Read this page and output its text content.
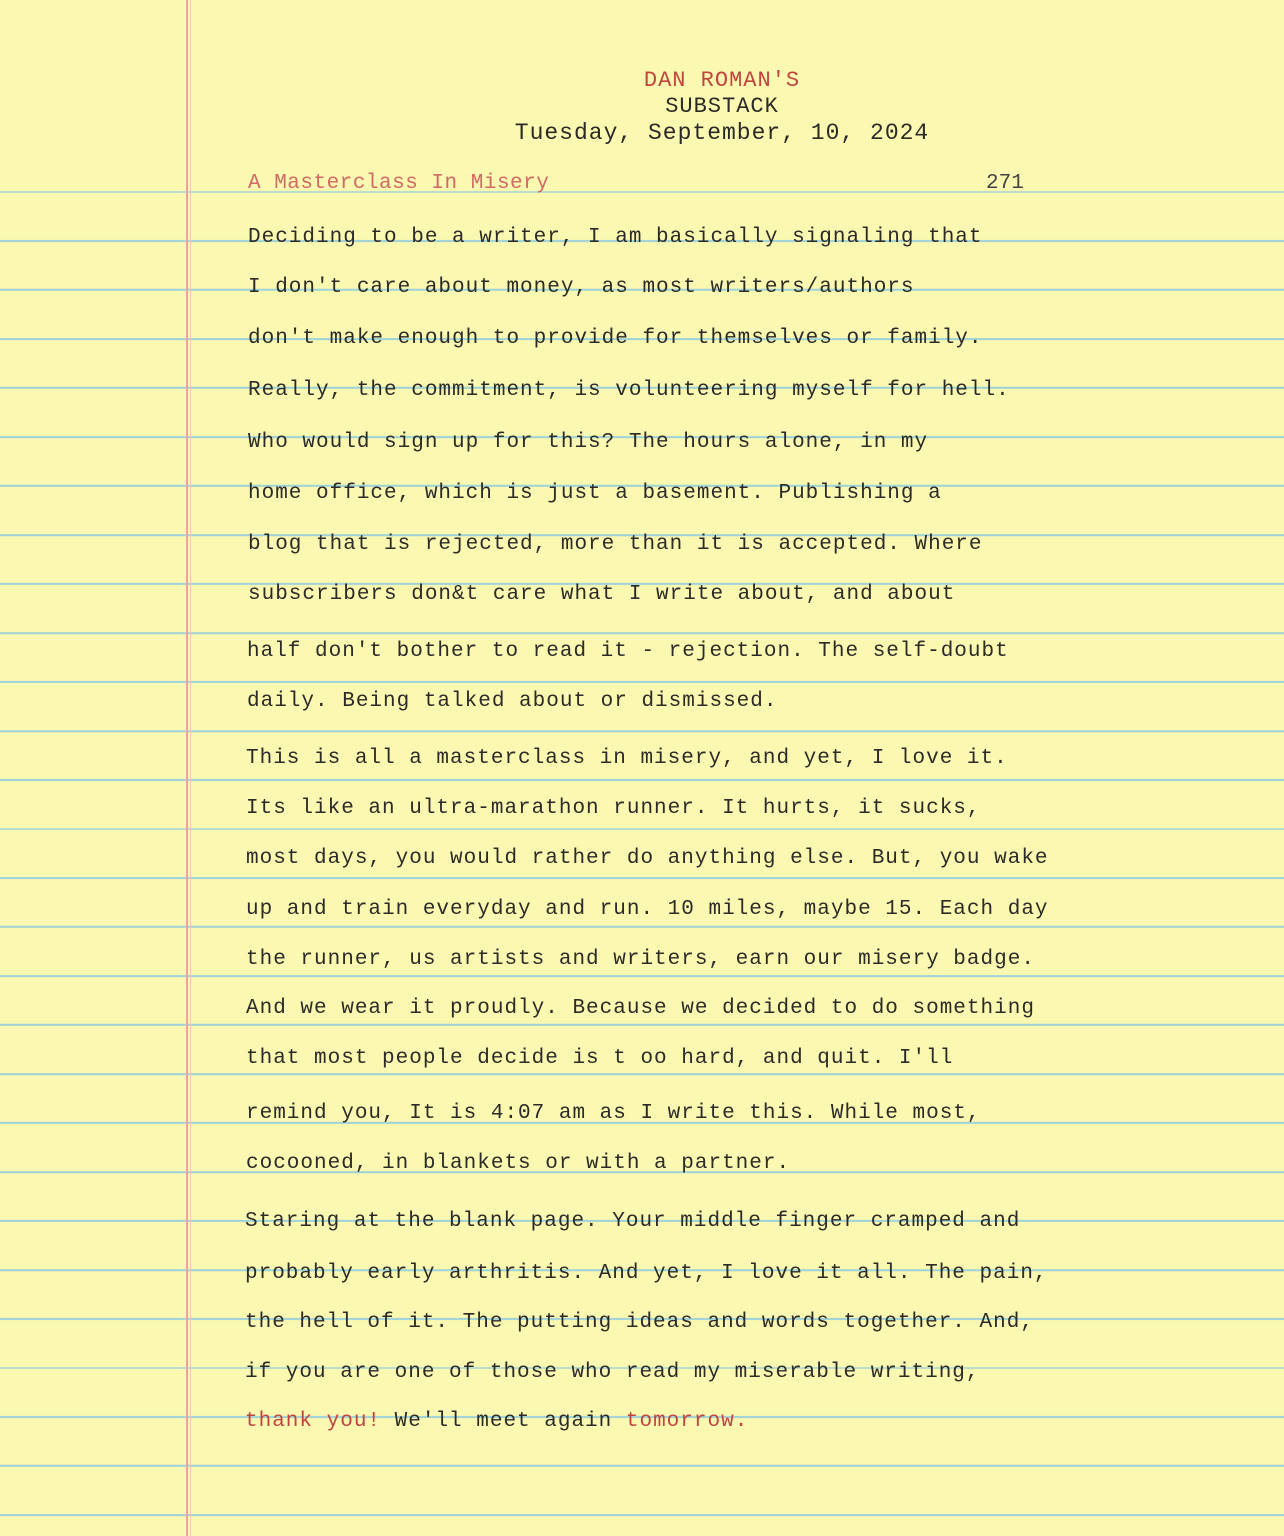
DAN ROMAN'S
SUBSTACK
Tuesday, September, 10, 2024
A Masterclass In Misery	271
Deciding to be a writer, I am basically signaling that
I don't care about money, as most writers/authors
don't make enough to provide for themselves or family.
Really, the commitment, is volunteering myself for hell.
Who would sign up for this? The hours alone, in my
home office, which is just a basement. Publishing a
blog that is rejected, more than it is accepted. Where
subscribers don&t care what I write about, and about
half don't bother to read it - rejection. The self-doubt
daily. Being talked about or dismissed.
This is all a masterclass in misery, and yet, I love it.
Its like an ultra-marathon runner. It hurts, it sucks,
most days, you would rather do anything else. But, you wake
up and train everyday and run. 10 miles, maybe 15. Each day
the runner, us artists and writers, earn our misery badge.
And we wear it proudly. Because we decided to do something
that most people decide is t oo hard, and quit. I'll
remind you, It is 4:07 am as I write this. While most,
cocooned, in blankets or with a partner.
Staring at the blank page. Your middle finger cramped and
probably early arthritis. And yet, I love it all. The pain,
the hell of it. The putting ideas and words together. And,
if you are one of those who read my miserable writing,
thank you! We'll meet again tomorrow.
